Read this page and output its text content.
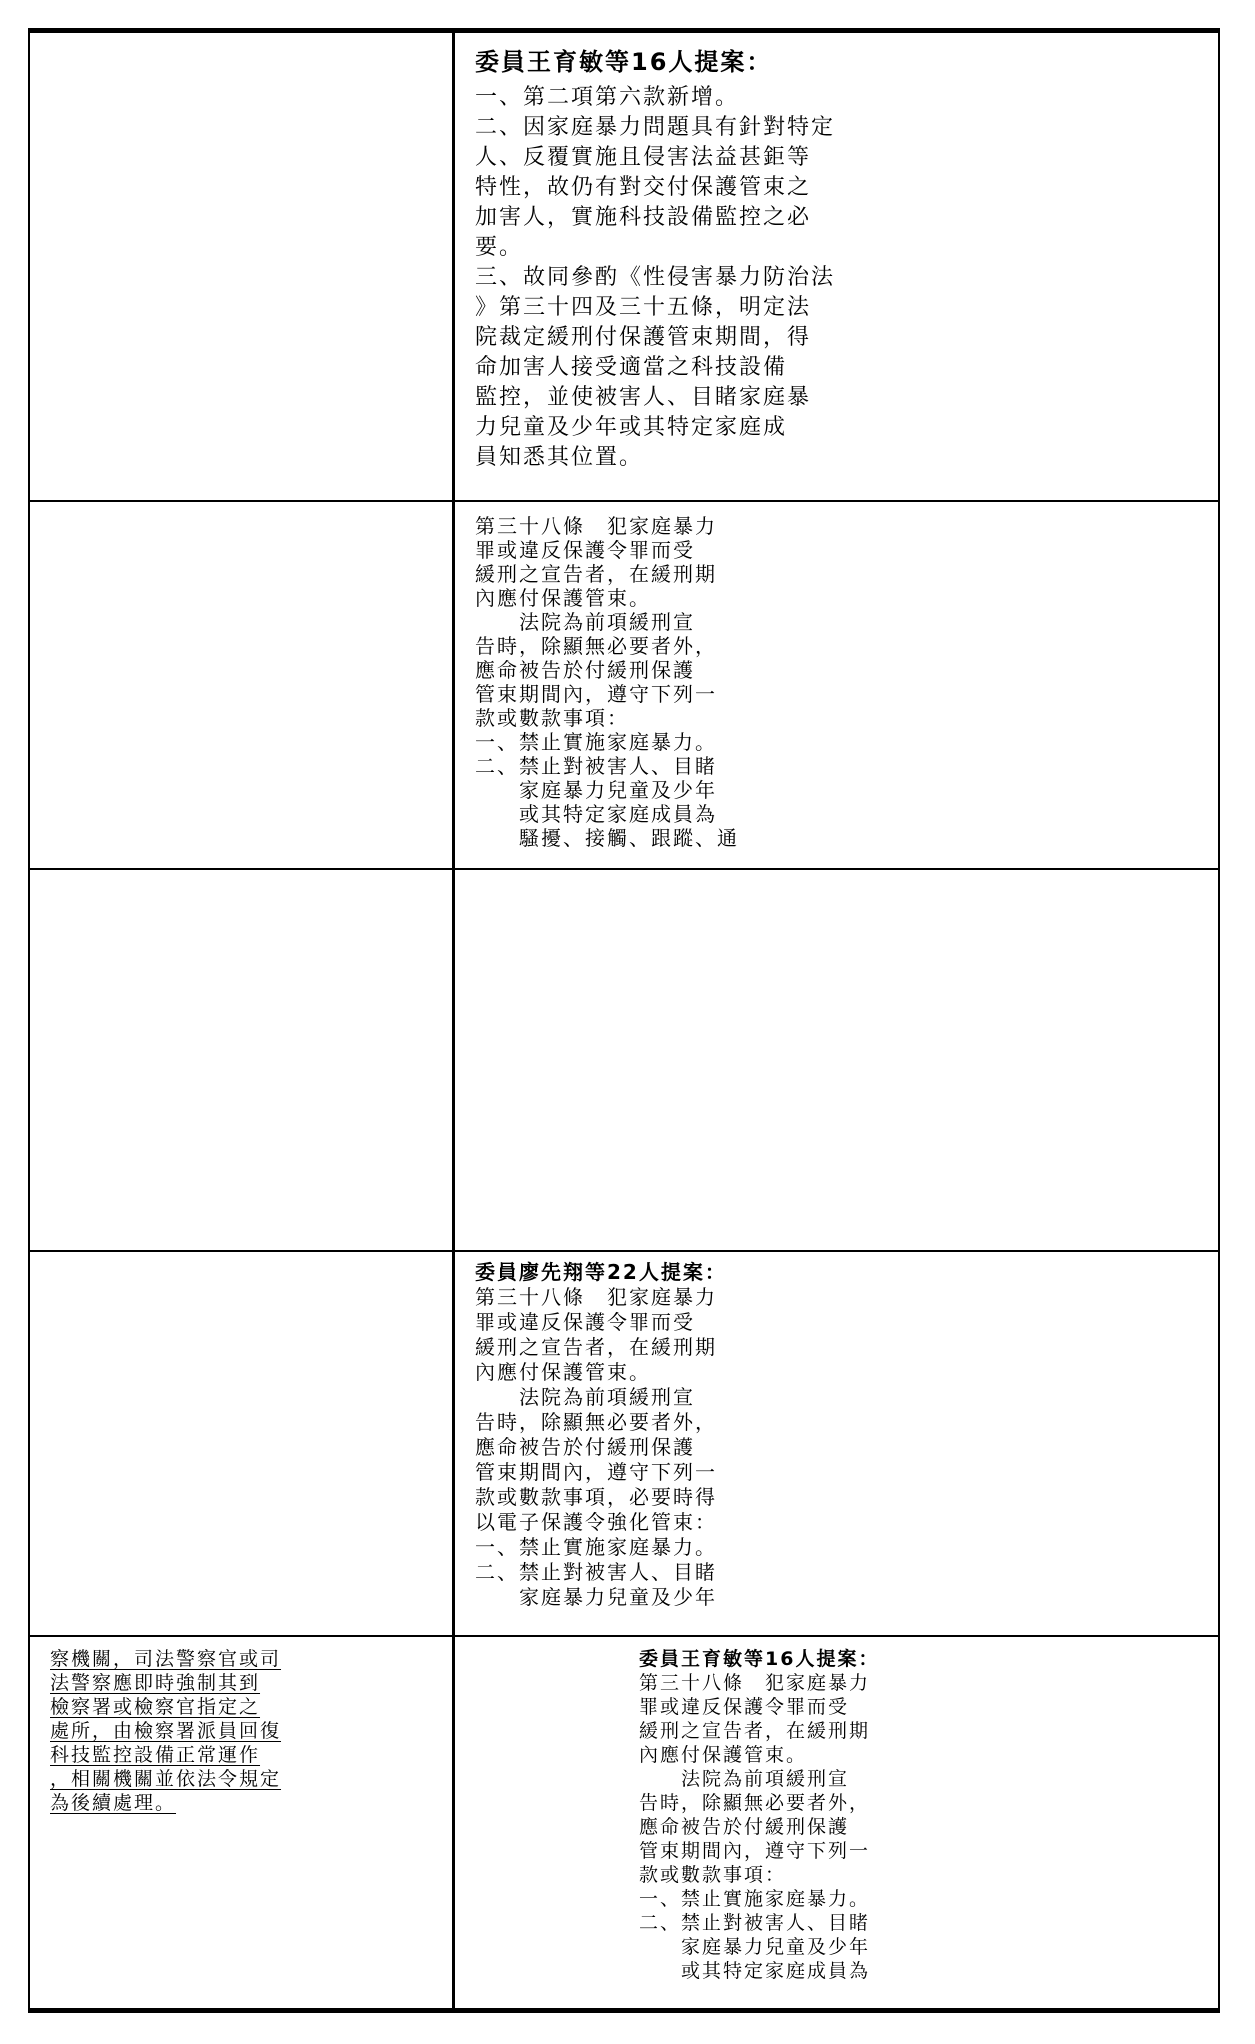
委員王育敏等16人提案：
一、第二項第六款新增。
二、因家庭暴力問題具有針對特定
人、反覆實施且侵害法益甚鉅等
特性，故仍有對交付保護管束之
加害人，實施科技設備監控之必
要。
三、故同參酌《性侵害暴力防治法
》第三十四及三十五條，明定法
院裁定緩刑付保護管束期間，得
命加害人接受適當之科技設備
監控，並使被害人、目睹家庭暴
力兒童及少年或其特定家庭成
員知悉其位置。
第三十八條　犯家庭暴力
罪或違反保護令罪而受
緩刑之宣告者，在緩刑期
內應付保護管束。
　　法院為前項緩刑宣
告時，除顯無必要者外，
應命被告於付緩刑保護
管束期間內，遵守下列一
款或數款事項：
一、禁止實施家庭暴力。
二、禁止對被害人、目睹
　　家庭暴力兒童及少年
　　或其特定家庭成員為
　　騷擾、接觸、跟蹤、通
委員廖先翔等22人提案：
第三十八條　犯家庭暴力
罪或違反保護令罪而受
緩刑之宣告者，在緩刑期
內應付保護管束。
　　法院為前項緩刑宣
告時，除顯無必要者外，
應命被告於付緩刑保護
管束期間內，遵守下列一
款或數款事項，必要時得
以電子保護令強化管束：
一、禁止實施家庭暴力。
二、禁止對被害人、目睹
　　家庭暴力兒童及少年
察機關，司法警察官或司
法警察應即時強制其到
檢察署或檢察官指定之
處所，由檢察署派員回復
科技監控設備正常運作
，相關機關並依法令規定
為後續處理。
委員王育敏等16人提案：
第三十八條　犯家庭暴力
罪或違反保護令罪而受
緩刑之宣告者，在緩刑期
內應付保護管束。
　　法院為前項緩刑宣
告時，除顯無必要者外，
應命被告於付緩刑保護
管束期間內，遵守下列一
款或數款事項：
一、禁止實施家庭暴力。
二、禁止對被害人、目睹
　　家庭暴力兒童及少年
　　或其特定家庭成員為
